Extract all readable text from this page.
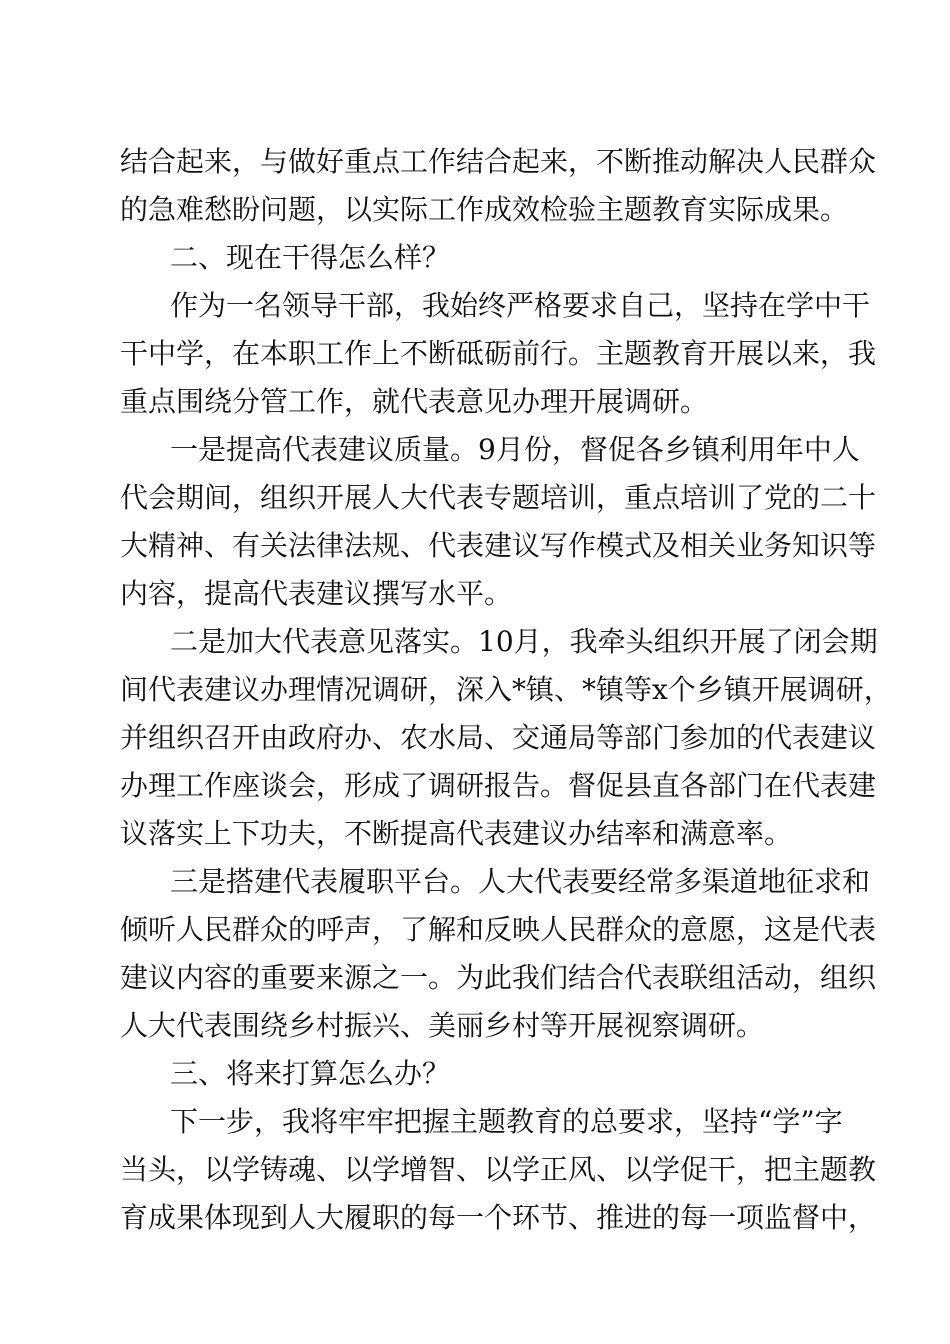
结合起来，与做好重点工作结合起来，不断推动解决人民群众
的急难愁盼问题，以实际工作成效检验主题教育实际成果。
二、现在干得怎么样？
作为一名领导干部，我始终严格要求自己，坚持在学中干
干中学，在本职工作上不断砥砺前行。主题教育开展以来，我
重点围绕分管工作，就代表意见办理开展调研。
一是提高代表建议质量。9月份，督促各乡镇利用年中人
代会期间，组织开展人大代表专题培训，重点培训了党的二十
大精神、有关法律法规、代表建议写作模式及相关业务知识等
内容，提高代表建议撰写水平。
二是加大代表意见落实。10月，我牵头组织开展了闭会期
间代表建议办理情况调研，深入*镇、*镇等x个乡镇开展调研，
并组织召开由政府办、农水局、交通局等部门参加的代表建议
办理工作座谈会，形成了调研报告。督促县直各部门在代表建
议落实上下功夫，不断提高代表建议办结率和满意率。
三是搭建代表履职平台。人大代表要经常多渠道地征求和
倾听人民群众的呼声，了解和反映人民群众的意愿，这是代表
建议内容的重要来源之一。为此我们结合代表联组活动，组织
人大代表围绕乡村振兴、美丽乡村等开展视察调研。
三、将来打算怎么办？
下一步，我将牢牢把握主题教育的总要求，坚持“学”字
当头，以学铸魂、以学增智、以学正风、以学促干，把主题教
育成果体现到人大履职的每一个环节、推进的每一项监督中，
